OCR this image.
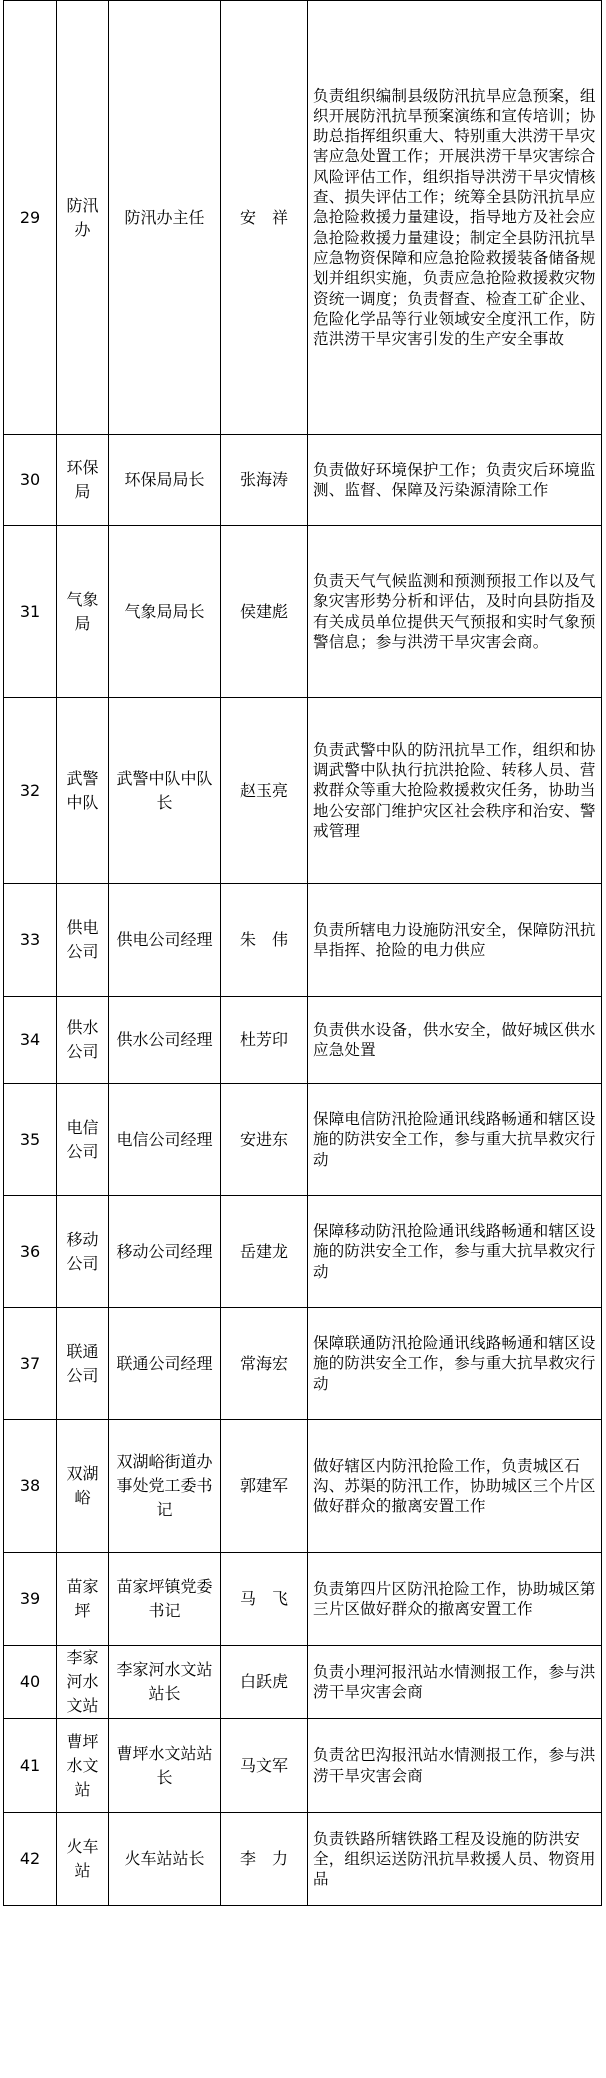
29	防汛办	防汛办主任	安　祥	负责组织编制县级防汛抗旱应急预案，组织开展防汛抗旱预案演练和宣传培训；协助总指挥组织重大、特别重大洪涝干旱灾害应急处置工作；开展洪涝干旱灾害综合风险评估工作，组织指导洪涝干旱灾情核查、损失评估工作；统筹全县防汛抗旱应急抢险救援力量建设，指导地方及社会应急抢险救援力量建设；制定全县防汛抗旱应急物资保障和应急抢险救援装备储备规划并组织实施，负责应急抢险救援救灾物资统一调度；负责督查、检查工矿企业、危险化学品等行业领域安全度汛工作，防范洪涝干旱灾害引发的生产安全事故
30	环保局	环保局局长	张海涛	负责做好环境保护工作；负责灾后环境监测、监督、保障及污染源清除工作
31	气象局	气象局局长	侯建彪	负责天气气候监测和预测预报工作以及气象灾害形势分析和评估，及时向县防指及有关成员单位提供天气预报和实时气象预警信息；参与洪涝干旱灾害会商。
32	武警中队	武警中队中队长	赵玉亮	负责武警中队的防汛抗旱工作，组织和协调武警中队执行抗洪抢险、转移人员、营救群众等重大抢险救援救灾任务，协助当地公安部门维护灾区社会秩序和治安、警戒管理
33	供电公司	供电公司经理	朱　伟	负责所辖电力设施防汛安全，保障防汛抗旱指挥、抢险的电力供应
34	供水公司	供水公司经理	杜芳印	负责供水设备，供水安全，做好城区供水应急处置
35	电信公司	电信公司经理	安进东	保障电信防汛抢险通讯线路畅通和辖区设施的防洪安全工作，参与重大抗旱救灾行动
36	移动公司	移动公司经理	岳建龙	保障移动防汛抢险通讯线路畅通和辖区设施的防洪安全工作，参与重大抗旱救灾行动
37	联通公司	联通公司经理	常海宏	保障联通防汛抢险通讯线路畅通和辖区设施的防洪安全工作，参与重大抗旱救灾行动
38	双湖峪	双湖峪街道办事处党工委书记	郭建军	做好辖区内防汛抢险工作，负责城区石沟、苏渠的防汛工作，协助城区三个片区做好群众的撤离安置工作
39	苗家坪	苗家坪镇党委书记	马　飞	负责第四片区防汛抢险工作，协助城区第三片区做好群众的撤离安置工作
40	李家河水文站	李家河水文站站长	白跃虎	负责小理河报汛站水情测报工作，参与洪涝干旱灾害会商
41	曹坪水文站	曹坪水文站站长	马文军	负责岔巴沟报汛站水情测报工作，参与洪涝干旱灾害会商
42	火车站	火车站站长	李　力	负责铁路所辖铁路工程及设施的防洪安全，组织运送防汛抗旱救援人员、物资用品
